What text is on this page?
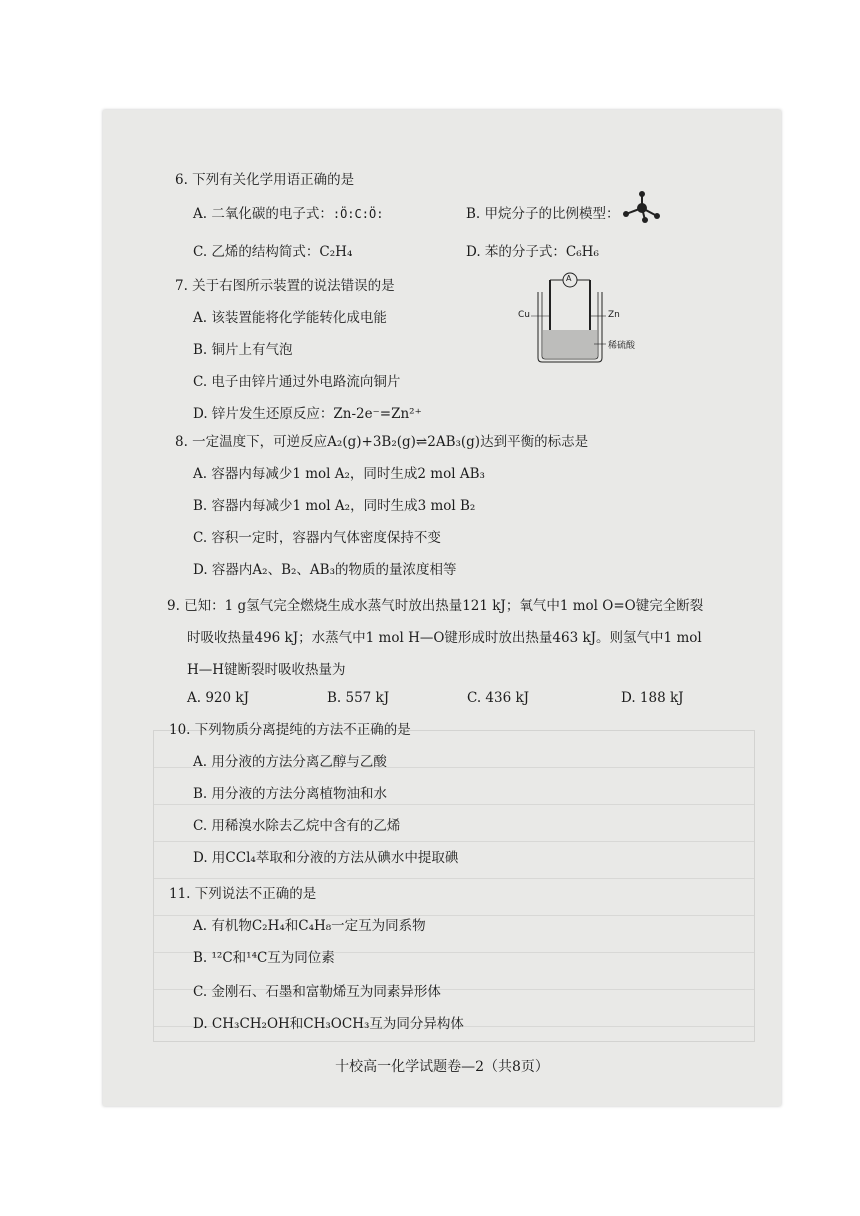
6. 下列有关化学用语正确的是
A. 二氧化碳的电子式：:Ö:C:Ö:	B. 甲烷分子的比例模型：
C. 乙烯的结构简式：C₂H₄	D. 苯的分子式：C₆H₆
7. 关于右图所示装置的说法错误的是
A. 该装置能将化学能转化成电能
B. 铜片上有气泡
C. 电子由锌片通过外电路流向铜片
D. 锌片发生还原反应：Zn-2e⁻=Zn²⁺
A
Cu	Zn
稀硫酸
8. 一定温度下，可逆反应A₂(g)+3B₂(g)⇌2AB₃(g)达到平衡的标志是
A. 容器内每减少1 mol A₂，同时生成2 mol AB₃
B. 容器内每减少1 mol A₂，同时生成3 mol B₂
C. 容积一定时，容器内气体密度保持不变
D. 容器内A₂、B₂、AB₃的物质的量浓度相等
9. 已知：1 g氢气完全燃烧生成水蒸气时放出热量121 kJ；氧气中1 mol O=O键完全断裂
时吸收热量496 kJ；水蒸气中1 mol H—O键形成时放出热量463 kJ。则氢气中1 mol
H—H键断裂时吸收热量为
A. 920 kJ	B. 557 kJ	C. 436 kJ	D. 188 kJ
10. 下列物质分离提纯的方法不正确的是
A. 用分液的方法分离乙醇与乙酸
B. 用分液的方法分离植物油和水
C. 用稀溴水除去乙烷中含有的乙烯
D. 用CCl₄萃取和分液的方法从碘水中提取碘
11. 下列说法不正确的是
A. 有机物C₂H₄和C₄H₈一定互为同系物
B. ¹²C和¹⁴C互为同位素
C. 金刚石、石墨和富勒烯互为同素异形体
D. CH₃CH₂OH和CH₃OCH₃互为同分异构体
十校高一化学试题卷—2（共8页）
